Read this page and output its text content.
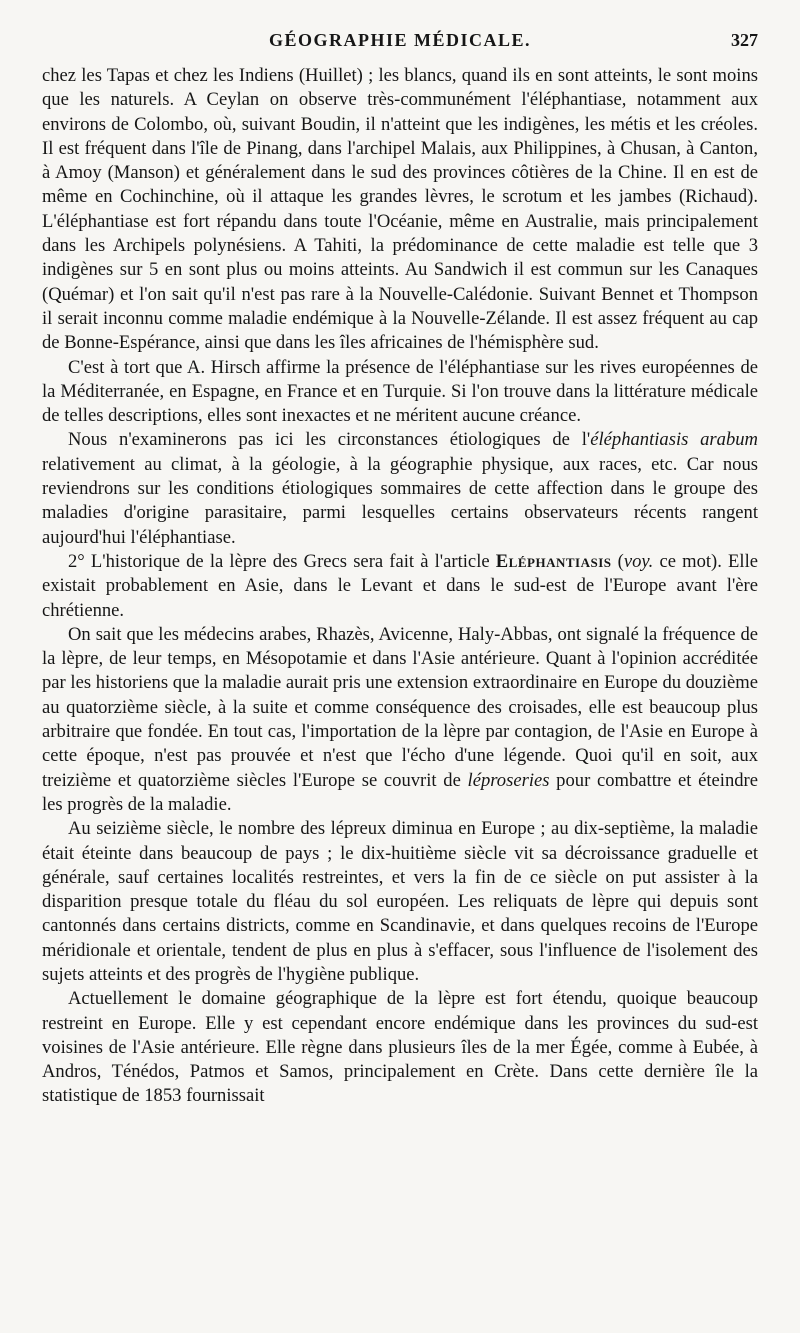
GÉOGRAPHIE MÉDICALE.	327

chez les Tapas et chez les Indiens (Huillet) ; les blancs, quand ils en sont atteints, le sont moins que les naturels. A Ceylan on observe très-communément l'éléphantiase, notamment aux environs de Colombo, où, suivant Boudin, il n'atteint que les indigènes, les métis et les créoles. Il est fréquent dans l'île de Pinang, dans l'archipel Malais, aux Philippines, à Chusan, à Canton, à Amoy (Manson) et généralement dans le sud des provinces côtières de la Chine. Il en est de même en Cochinchine, où il attaque les grandes lèvres, le scrotum et les jambes (Richaud). L'éléphantiase est fort répandu dans toute l'Océanie, même en Australie, mais principalement dans les Archipels polynésiens. A Tahiti, la prédominance de cette maladie est telle que 3 indigènes sur 5 en sont plus ou moins atteints. Au Sandwich il est commun sur les Canaques (Quémar) et l'on sait qu'il n'est pas rare à la Nouvelle-Calédonie. Suivant Bennet et Thompson il serait inconnu comme maladie endémique à la Nouvelle-Zélande. Il est assez fréquent au cap de Bonne-Espérance, ainsi que dans les îles africaines de l'hémisphère sud.

C'est à tort que A. Hirsch affirme la présence de l'éléphantiase sur les rives européennes de la Méditerranée, en Espagne, en France et en Turquie. Si l'on trouve dans la littérature médicale de telles descriptions, elles sont inexactes et ne méritent aucune créance.

Nous n'examinerons pas ici les circonstances étiologiques de l'éléphantiasis arabum relativement au climat, à la géologie, à la géographie physique, aux races, etc. Car nous reviendrons sur les conditions étiologiques sommaires de cette affection dans le groupe des maladies d'origine parasitaire, parmi lesquelles certains observateurs récents rangent aujourd'hui l'éléphantiase.

2° L'historique de la lèpre des Grecs sera fait à l'article Eléphantiasis (voy. ce mot). Elle existait probablement en Asie, dans le Levant et dans le sud-est de l'Europe avant l'ère chrétienne.

On sait que les médecins arabes, Rhazès, Avicenne, Haly-Abbas, ont signalé la fréquence de la lèpre, de leur temps, en Mésopotamie et dans l'Asie antérieure. Quant à l'opinion accréditée par les historiens que la maladie aurait pris une extension extraordinaire en Europe du douzième au quatorzième siècle, à la suite et comme conséquence des croisades, elle est beaucoup plus arbitraire que fondée. En tout cas, l'importation de la lèpre par contagion, de l'Asie en Europe à cette époque, n'est pas prouvée et n'est que l'écho d'une légende. Quoi qu'il en soit, aux treizième et quatorzième siècles l'Europe se couvrit de léproseries pour combattre et éteindre les progrès de la maladie.

Au seizième siècle, le nombre des lépreux diminua en Europe ; au dix-septième, la maladie était éteinte dans beaucoup de pays ; le dix-huitième siècle vit sa décroissance graduelle et générale, sauf certaines localités restreintes, et vers la fin de ce siècle on put assister à la disparition presque totale du fléau du sol européen. Les reliquats de lèpre qui depuis sont cantonnés dans certains districts, comme en Scandinavie, et dans quelques recoins de l'Europe méridionale et orientale, tendent de plus en plus à s'effacer, sous l'influence de l'isolement des sujets atteints et des progrès de l'hygiène publique.

Actuellement le domaine géographique de la lèpre est fort étendu, quoique beaucoup restreint en Europe. Elle y est cependant encore endémique dans les provinces du sud-est voisines de l'Asie antérieure. Elle règne dans plusieurs îles de la mer Égée, comme à Eubée, à Andros, Ténédos, Patmos et Samos, principalement en Crète. Dans cette dernière île la statistique de 1853 fournissait
